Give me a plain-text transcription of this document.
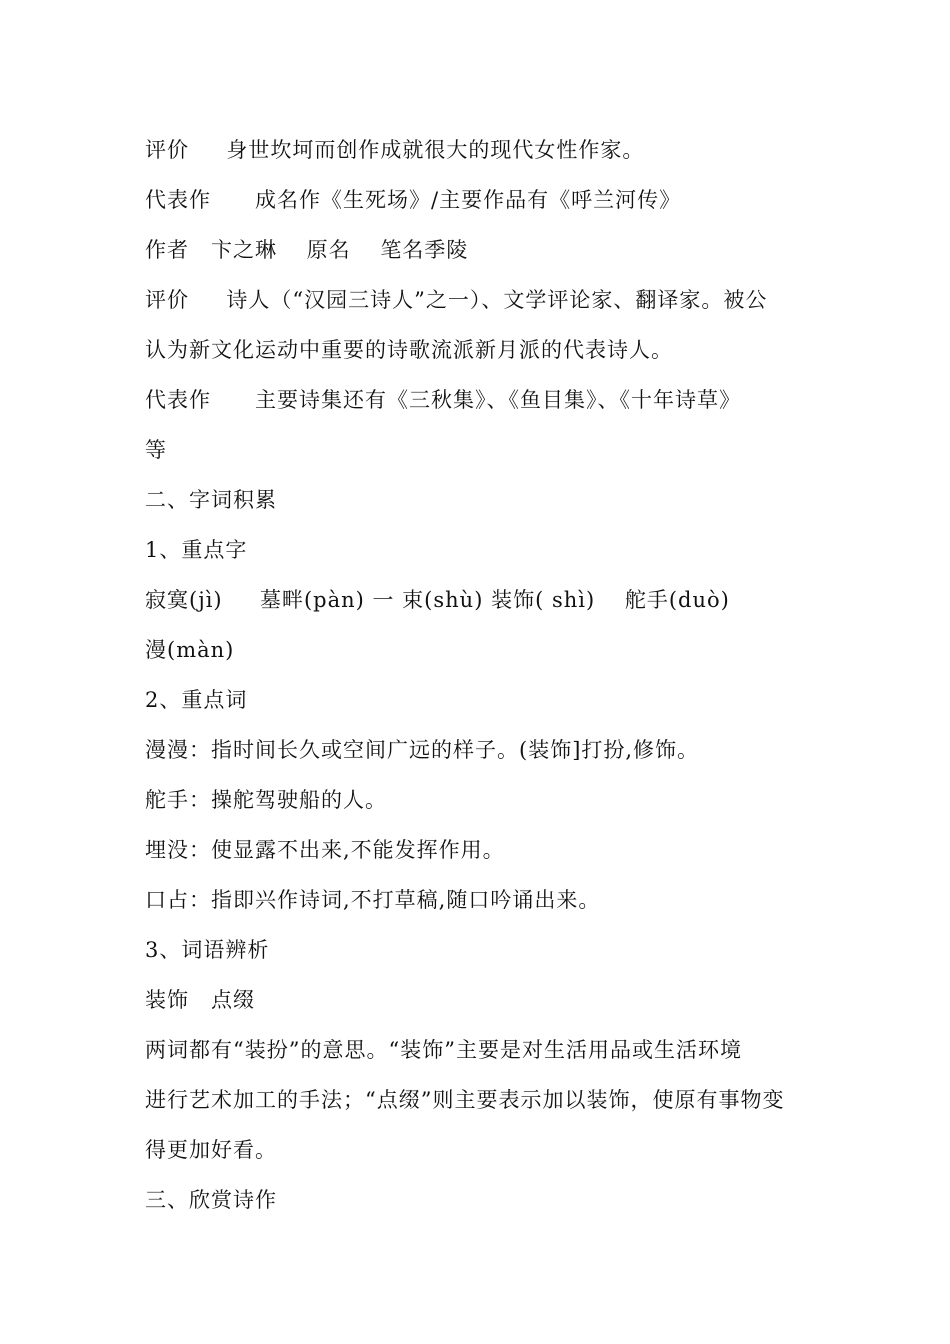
评价　  身世坎坷而创作成就很大的现代女性作家。
代表作　　成名作《生死场》/主要作品有《呼兰河传》
作者　卞之琳　 原名　 笔名季陵
评价　  诗人（“汉园三诗人”之一）、文学评论家、翻译家。被公
认为新文化运动中重要的诗歌流派新月派的代表诗人。
代表作　　主要诗集还有《三秋集》、《鱼目集》、《十年诗草》
等
二、字词积累
1、重点字
寂寞(jì)　  墓畔(pàn) 一 束(shù) 装饰( shì)　 舵手(duò)
漫(màn)
2、重点词
漫漫：指时间长久或空间广远的样子。(装饰]打扮,修饰。
舵手：操舵驾驶船的人。
埋没：使显露不出来,不能发挥作用。
口占：指即兴作诗词,不打草稿,随口吟诵出来。
3、词语辨析
装饰　点缀
两词都有“装扮”的意思。“装饰”主要是对生活用品或生活环境
进行艺术加工的手法；“点缀”则主要表示加以装饰，使原有事物变
得更加好看。
三、欣赏诗作
